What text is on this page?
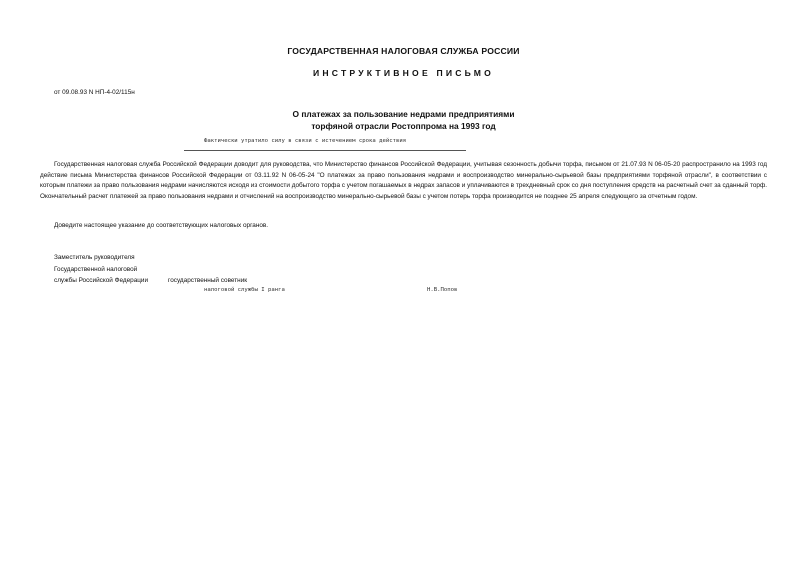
ГОСУДАРСТВЕННАЯ НАЛОГОВАЯ СЛУЖБА РОССИИ
ИНСТРУКТИВНОЕ ПИСЬМО
от 09.08.93 N НП-4-02/115н
О платежах за пользование недрами предприятиями
торфяной отрасли Ростоппрома на 1993 год
Фактически утратило силу в связи с истечением срока действия
Государственная налоговая служба Российской Федерации доводит для руководства, что Министерство финансов Российской Федерации, учитывая сезонность добычи торфа, письмом от 21.07.93 N 06-05-20 распространило на 1993 год действие письма Министерства финансов Российской Федерации от 03.11.92 N 06-05-24 "О платежах за право пользования недрами и воспроизводство минерально-сырьевой базы предприятиями торфяной отрасли", в соответствии с которым платежи за право пользования недрами начисляются исходя из стоимости добытого торфа с учетом погашаемых в недрах запасов и уплачиваются в трехдневный срок со дня поступления средств на расчетный счет за сданный торф. Окончательный расчет платежей за право пользования недрами и отчислений на воспроизводство минерально-сырьевой базы с учетом потерь торфа производится не позднее 25 апреля следующего за отчетным годом.
Доведите настоящее указание до соответствующих налоговых органов.
Заместитель руководителя
Государственной налоговой
службы Российской Федерации	государственный советник
налоговой службы I ранга	Н.В.Попов
